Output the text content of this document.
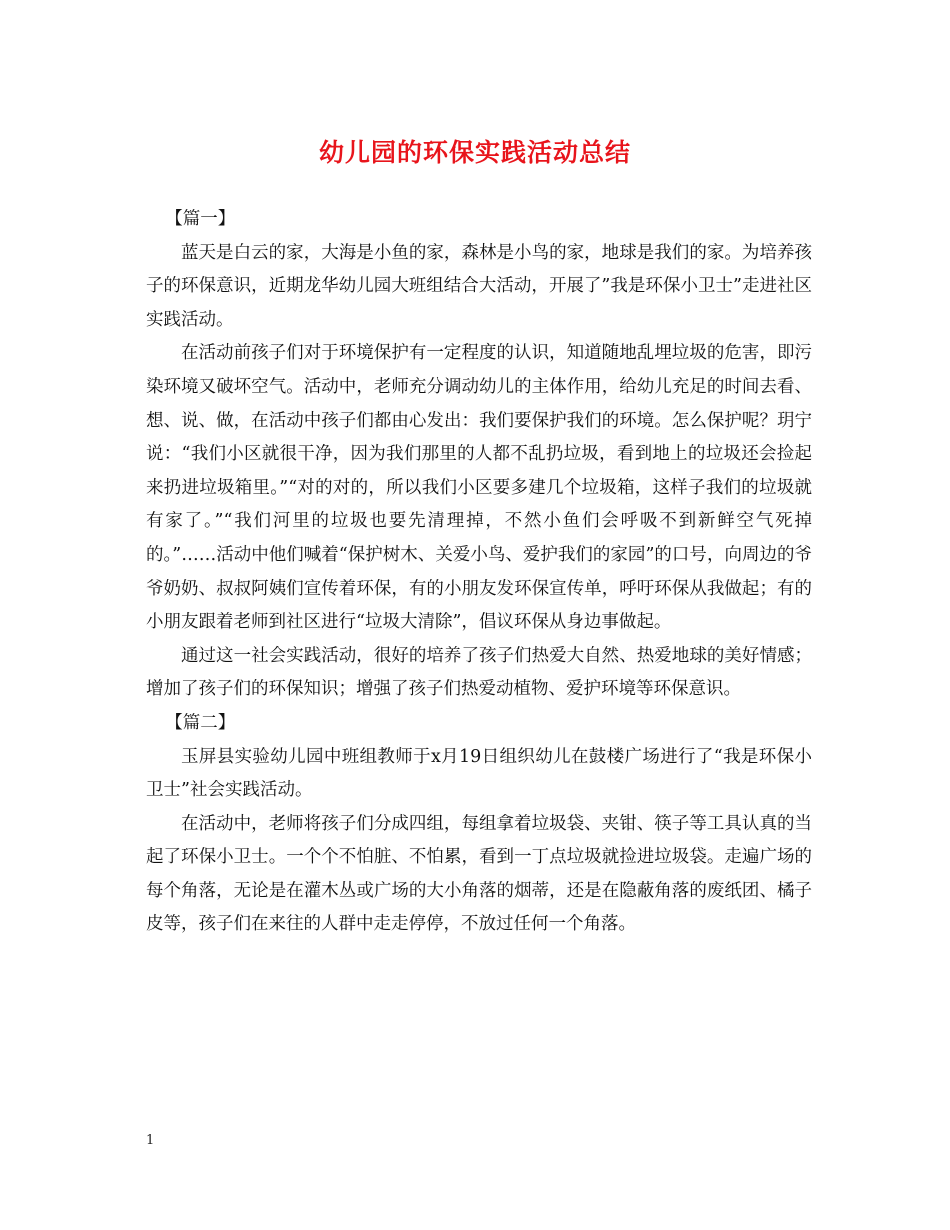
幼儿园的环保实践活动总结

【篇一】

蓝天是白云的家，大海是小鱼的家，森林是小鸟的家，地球是我们的家。为培养孩子的环保意识，近期龙华幼儿园大班组结合大活动，开展了”我是环保小卫士”走进社区实践活动。

在活动前孩子们对于环境保护有一定程度的认识，知道随地乱埋垃圾的危害，即污染环境又破坏空气。活动中，老师充分调动幼儿的主体作用，给幼儿充足的时间去看、想、说、做，在活动中孩子们都由心发出：我们要保护我们的环境。怎么保护呢？玥宁说：“我们小区就很干净，因为我们那里的人都不乱扔垃圾，看到地上的垃圾还会捡起来扔进垃圾箱里。”“对的对的，所以我们小区要多建几个垃圾箱，这样子我们的垃圾就有家了。”“我们河里的垃圾也要先清理掉，不然小鱼们会呼吸不到新鲜空气死掉的。”……活动中他们喊着“保护树木、关爱小鸟、爱护我们的家园”的口号，向周边的爷爷奶奶、叔叔阿姨们宣传着环保，有的小朋友发环保宣传单，呼吁环保从我做起；有的小朋友跟着老师到社区进行“垃圾大清除”，倡议环保从身边事做起。

通过这一社会实践活动，很好的培养了孩子们热爱大自然、热爱地球的美好情感；增加了孩子们的环保知识；增强了孩子们热爱动植物、爱护环境等环保意识。

【篇二】

玉屏县实验幼儿园中班组教师于x月19日组织幼儿在鼓楼广场进行了“我是环保小卫士”社会实践活动。

在活动中，老师将孩子们分成四组，每组拿着垃圾袋、夹钳、筷子等工具认真的当起了环保小卫士。一个个不怕脏、不怕累，看到一丁点垃圾就捡进垃圾袋。走遍广场的每个角落，无论是在灌木丛或广场的大小角落的烟蒂，还是在隐蔽角落的废纸团、橘子皮等，孩子们在来往的人群中走走停停，不放过任何一个角落。

1
